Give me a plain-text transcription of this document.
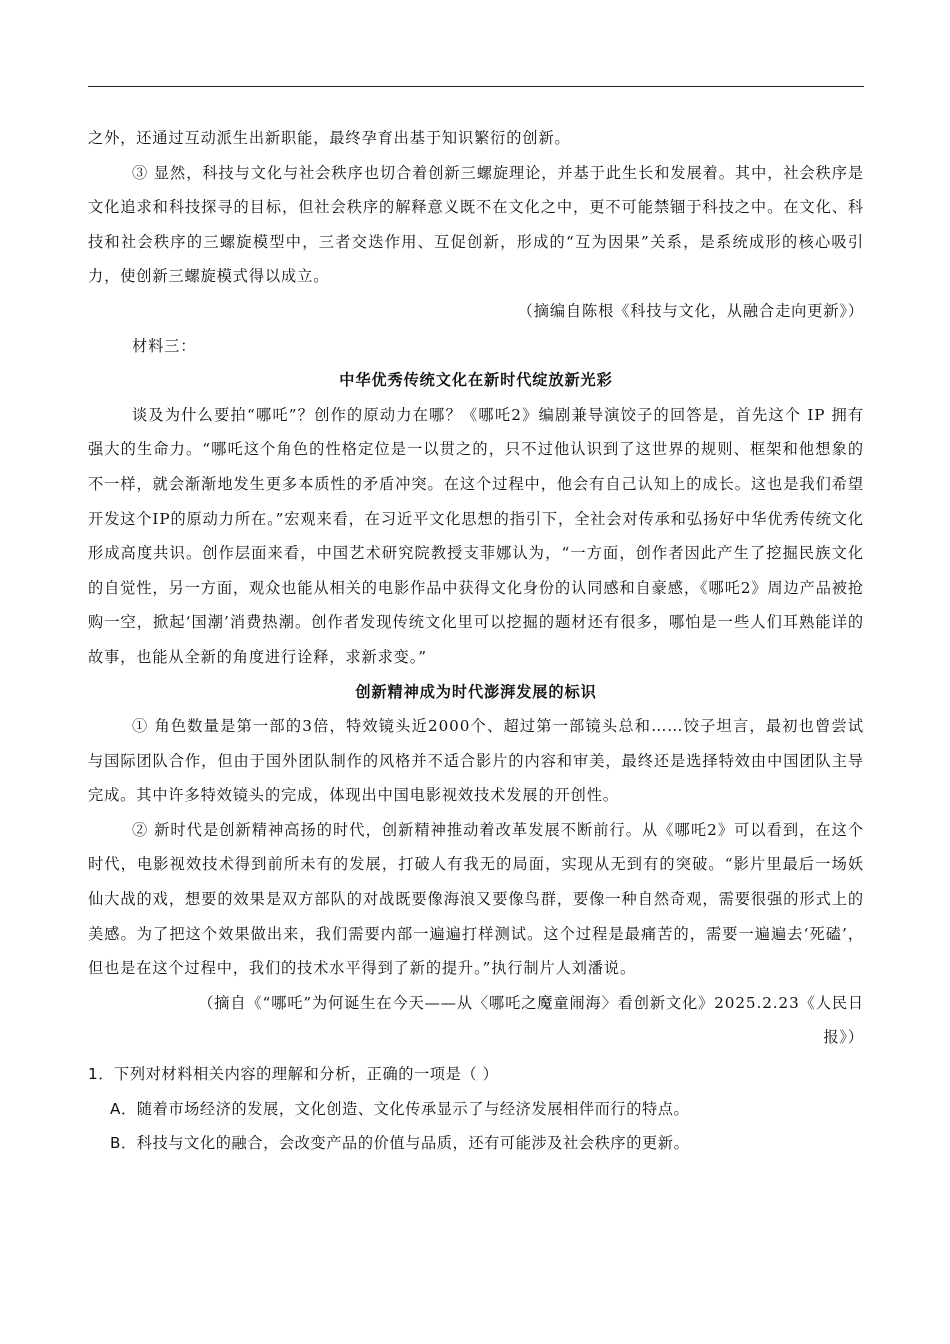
之外，还通过互动派生出新职能，最终孕育出基于知识繁衍的创新。

③ 显然，科技与文化与社会秩序也切合着创新三螺旋理论，并基于此生长和发展着。其中，社会秩序是文化追求和科技探寻的目标，但社会秩序的解释意义既不在文化之中，更不可能禁锢于科技之中。在文化、科技和社会秩序的三螺旋模型中，三者交迭作用、互促创新，形成的“互为因果”关系，是系统成形的核心吸引力，使创新三螺旋模式得以成立。

（摘编自陈根《科技与文化，从融合走向更新》）

材料三：

中华优秀传统文化在新时代绽放新光彩

谈及为什么要拍“哪吒”？创作的原动力在哪？《哪吒2》编剧兼导演饺子的回答是，首先这个 IP 拥有强大的生命力。“哪吒这个角色的性格定位是一以贯之的，只不过他认识到了这世界的规则、框架和他想象的不一样，就会渐渐地发生更多本质性的矛盾冲突。在这个过程中，他会有自己认知上的成长。这也是我们希望开发这个IP的原动力所在。”宏观来看，在习近平文化思想的指引下，全社会对传承和弘扬好中华优秀传统文化形成高度共识。创作层面来看，中国艺术研究院教授支菲娜认为，“一方面，创作者因此产生了挖掘民族文化的自觉性，另一方面，观众也能从相关的电影作品中获得文化身份的认同感和自豪感，《哪吒2》周边产品被抢购一空，掀起‘国潮’消费热潮。创作者发现传统文化里可以挖掘的题材还有很多，哪怕是一些人们耳熟能详的故事，也能从全新的角度进行诠释，求新求变。”

创新精神成为时代澎湃发展的标识

① 角色数量是第一部的3倍，特效镜头近2000个、超过第一部镜头总和……饺子坦言，最初也曾尝试与国际团队合作，但由于国外团队制作的风格并不适合影片的内容和审美，最终还是选择特效由中国团队主导完成。其中许多特效镜头的完成，体现出中国电影视效技术发展的开创性。

② 新时代是创新精神高扬的时代，创新精神推动着改革发展不断前行。从《哪吒2》可以看到，在这个时代，电影视效技术得到前所未有的发展，打破人有我无的局面，实现从无到有的突破。“影片里最后一场妖仙大战的戏，想要的效果是双方部队的对战既要像海浪又要像鸟群，要像一种自然奇观，需要很强的形式上的美感。为了把这个效果做出来，我们需要内部一遍遍打样测试。这个过程是最痛苦的，需要一遍遍去‘死磕’，但也是在这个过程中，我们的技术水平得到了新的提升。”执行制片人刘潘说。

（摘自《“哪吒”为何诞生在今天——从〈哪吒之魔童闹海〉看创新文化》2025.2.23《人民日报》）

1．下列对材料相关内容的理解和分析，正确的一项是（ ）

A．随着市场经济的发展，文化创造、文化传承显示了与经济发展相伴而行的特点。

B．科技与文化的融合，会改变产品的价值与品质，还有可能涉及社会秩序的更新。
